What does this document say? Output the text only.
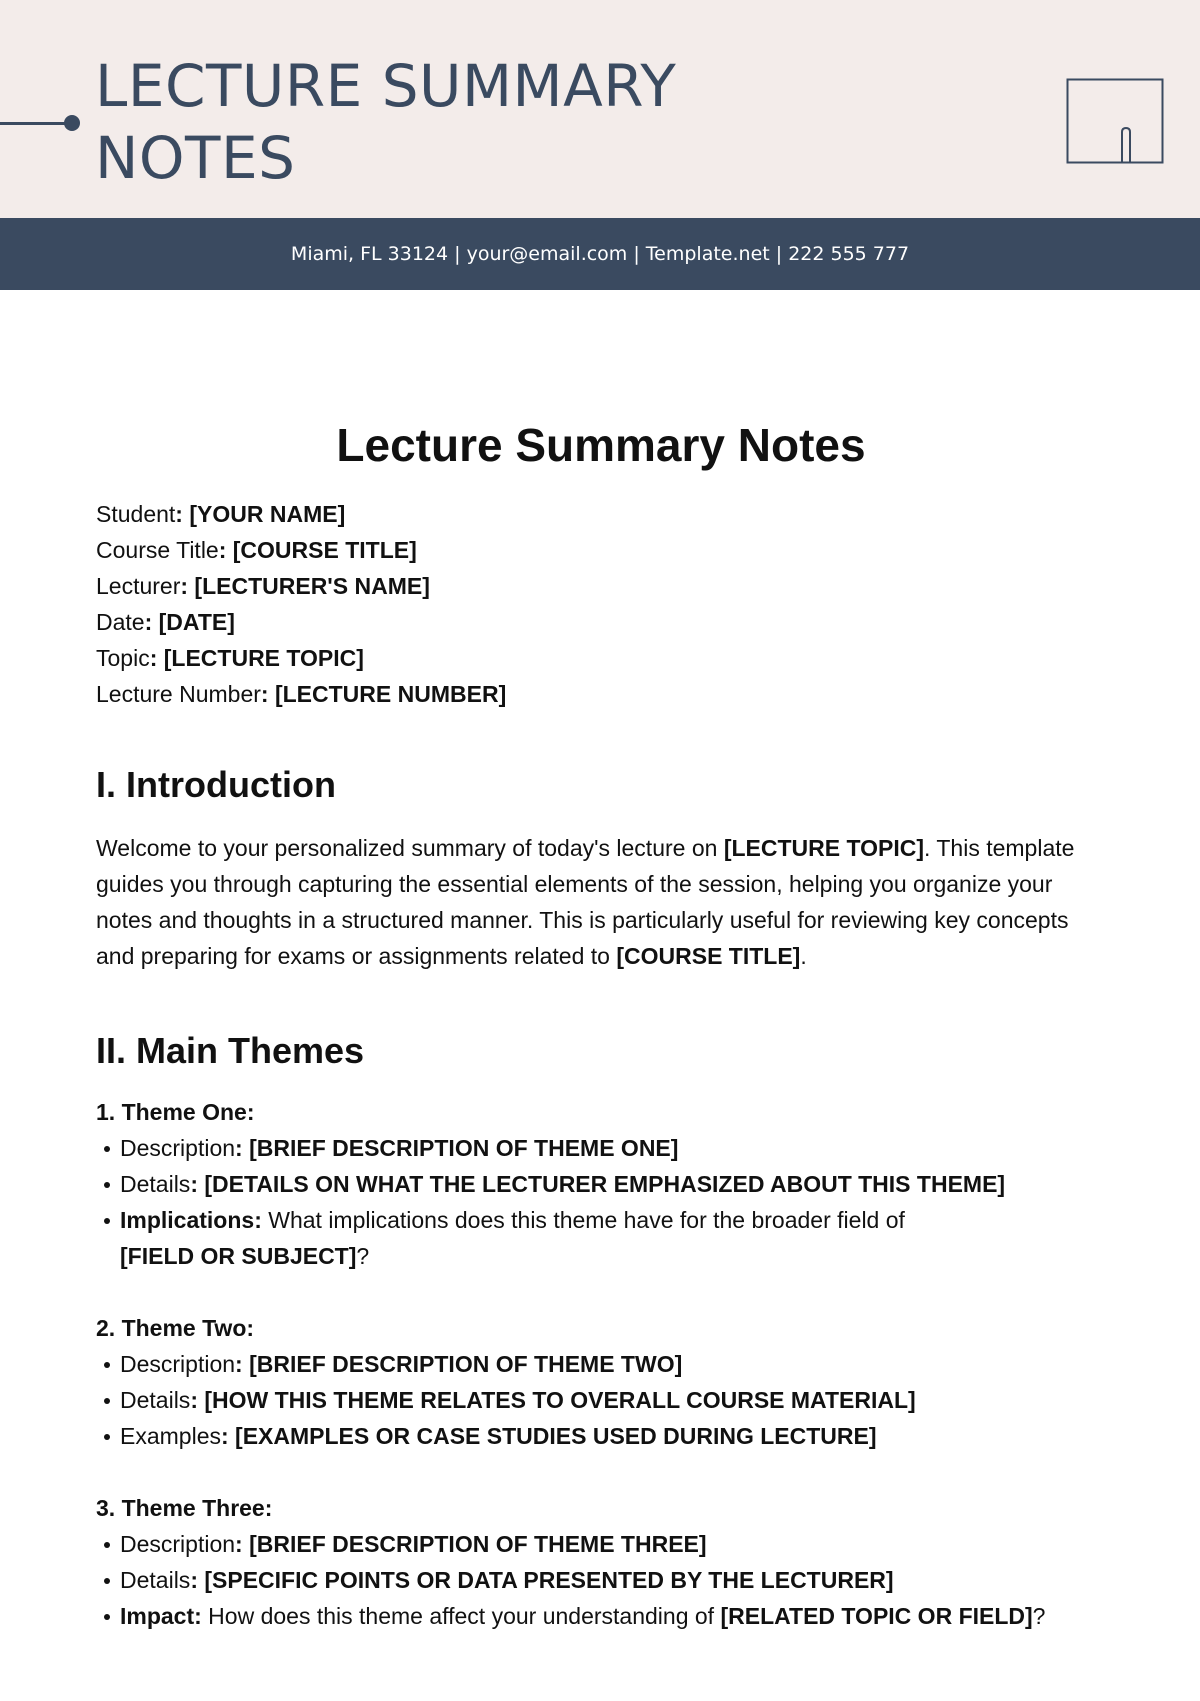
LECTURE SUMMARY
NOTES
Miami, FL 33124 | your@email.com | Template.net | 222 555 777
Lecture Summary Notes
Student: [YOUR NAME]
Course Title: [COURSE TITLE]
Lecturer: [LECTURER'S NAME]
Date: [DATE]
Topic: [LECTURE TOPIC]
Lecture Number: [LECTURE NUMBER]
I. Introduction

Welcome to your personalized summary of today's lecture on [LECTURE TOPIC]. This template guides you through capturing the essential elements of the session, helping you organize your notes and thoughts in a structured manner. This is particularly useful for reviewing key concepts and preparing for exams or assignments related to [COURSE TITLE].

II. Main Themes
1. Theme One:
Description: [BRIEF DESCRIPTION OF THEME ONE]
Details: [DETAILS ON WHAT THE LECTURER EMPHASIZED ABOUT THIS THEME]
Implications: What implications does this theme have for the broader field of
[FIELD OR SUBJECT]?
2. Theme Two:
Description: [BRIEF DESCRIPTION OF THEME TWO]
Details: [HOW THIS THEME RELATES TO OVERALL COURSE MATERIAL]
Examples: [EXAMPLES OR CASE STUDIES USED DURING LECTURE]
3. Theme Three:
Description: [BRIEF DESCRIPTION OF THEME THREE]
Details: [SPECIFIC POINTS OR DATA PRESENTED BY THE LECTURER]
Impact: How does this theme affect your understanding of [RELATED TOPIC OR FIELD]?
